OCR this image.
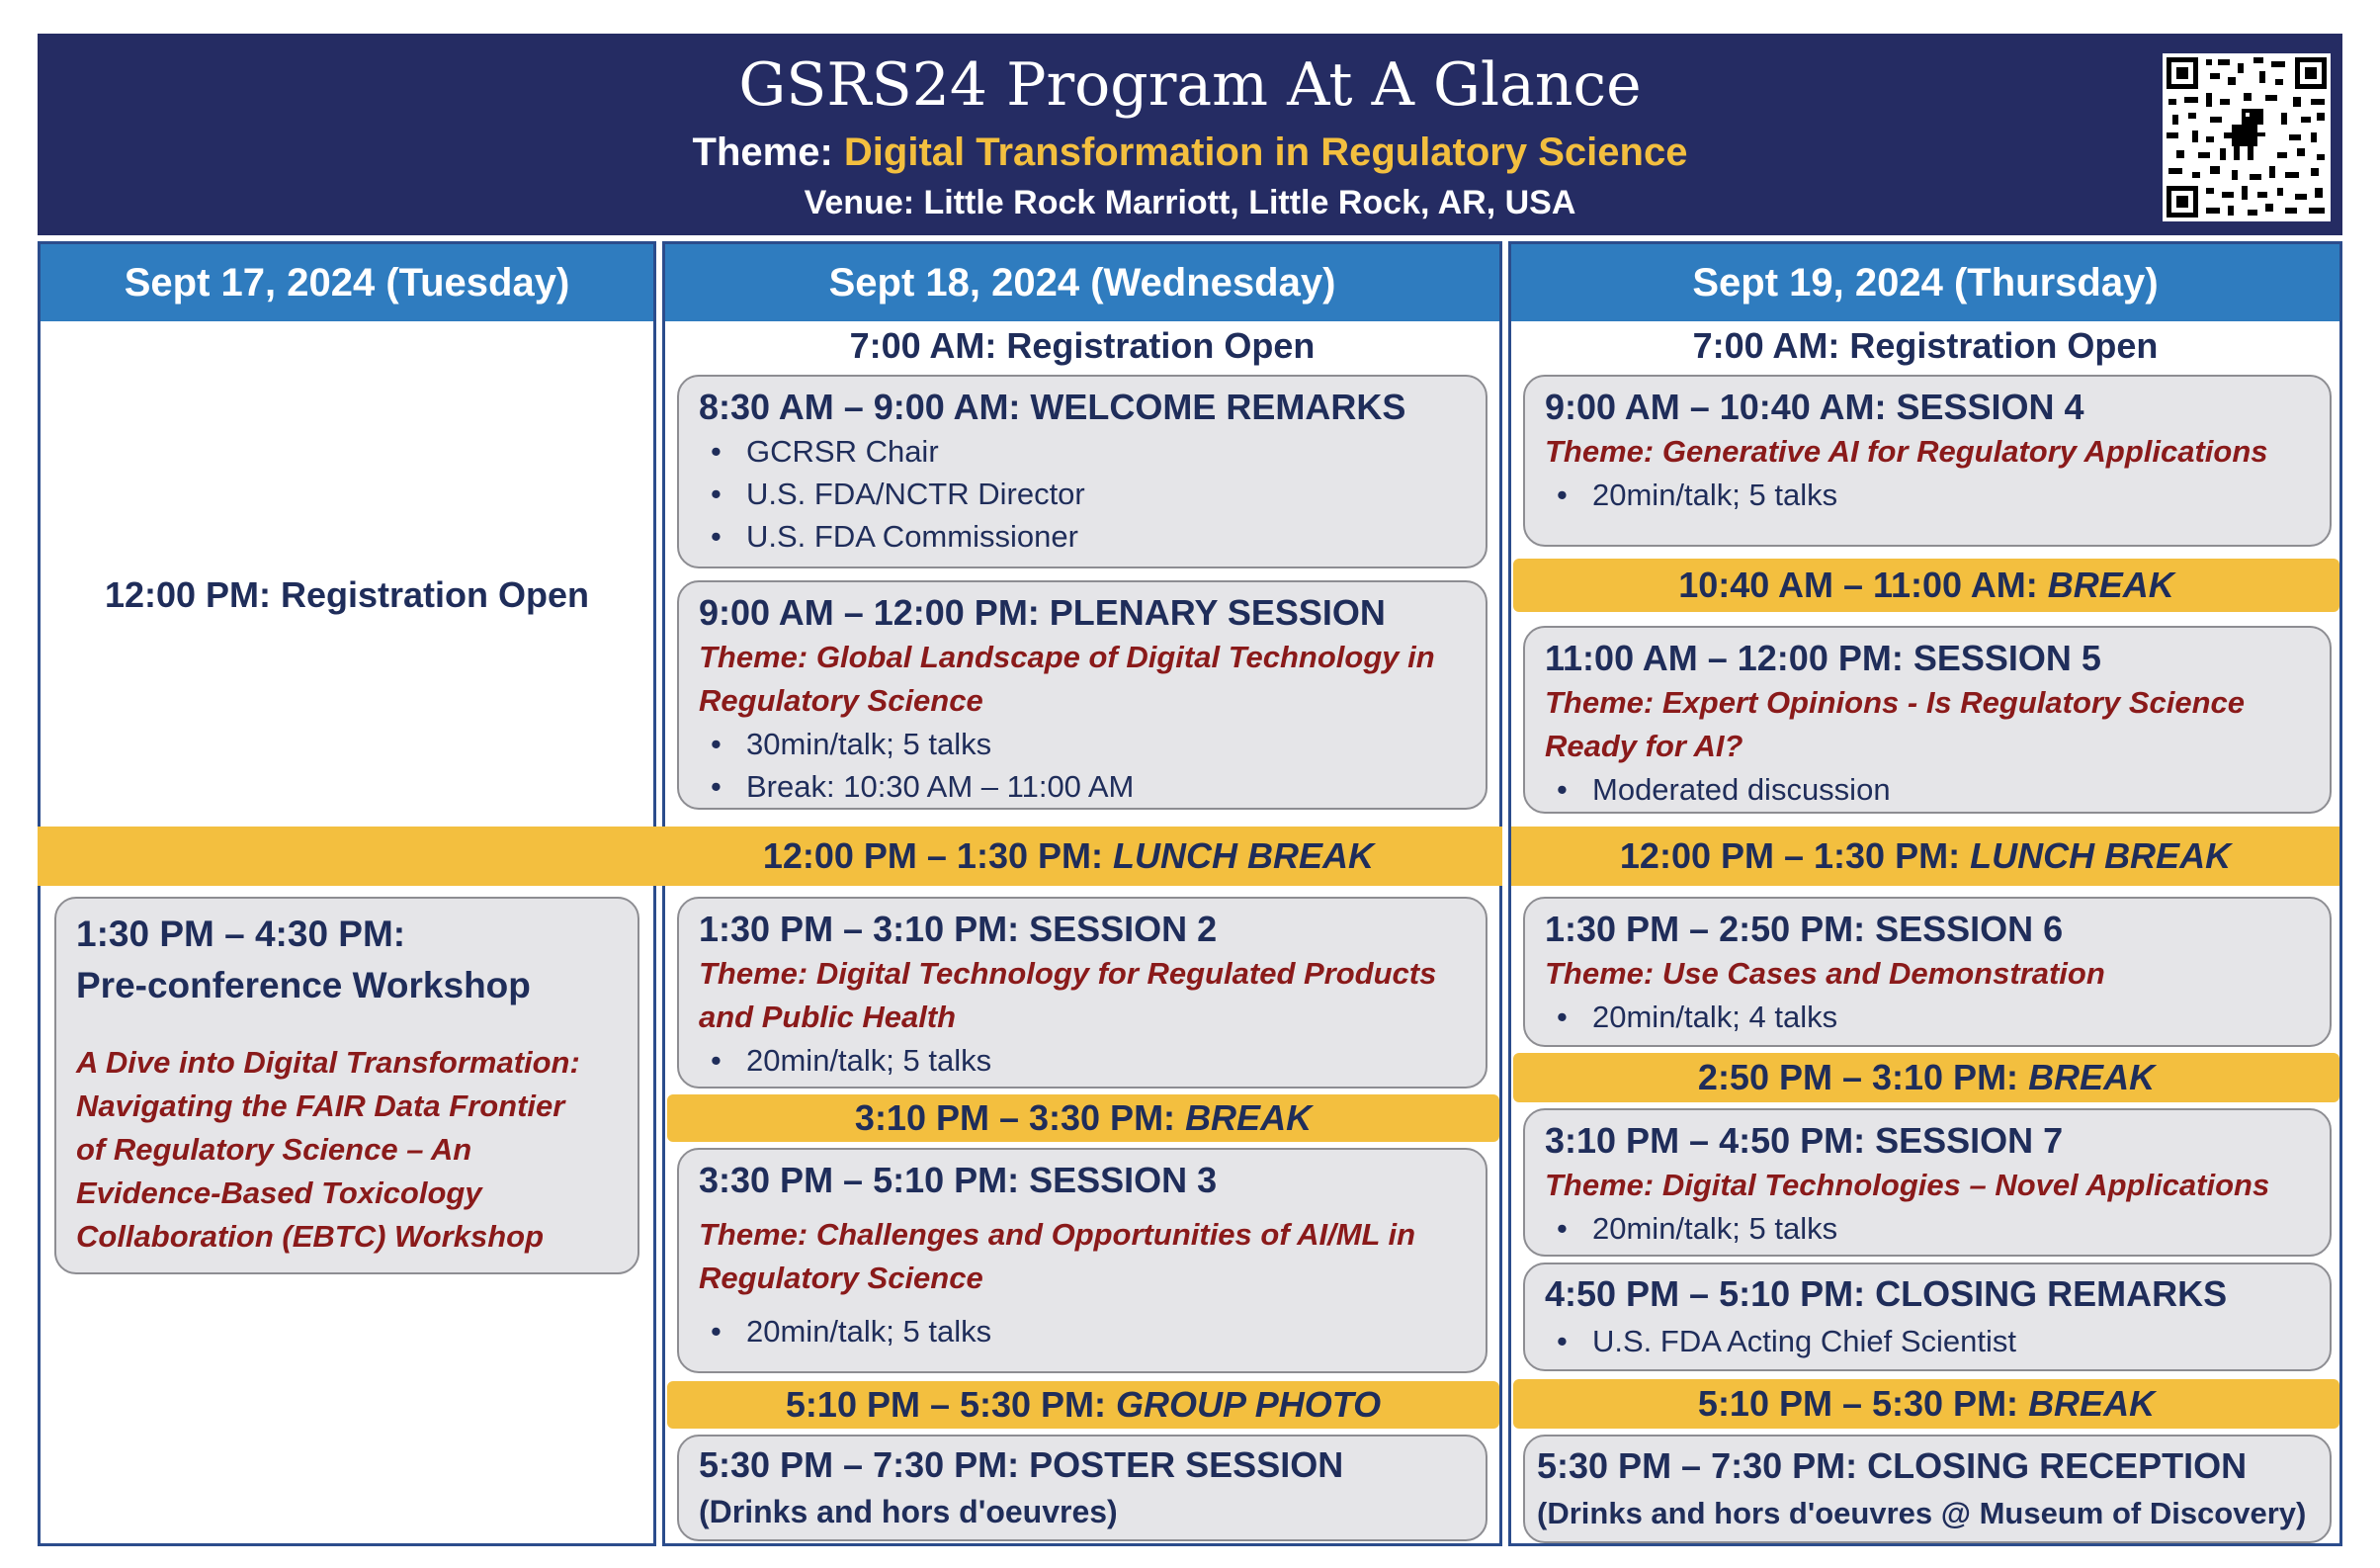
GSRS24 Program At A Glance
Theme: Digital Transformation in Regulatory Science
Venue: Little Rock Marriott, Little Rock, AR, USA
Sept 17, 2024 (Tuesday)
12:00 PM: Registration Open
1:30 PM – 4:30 PM:
Pre-conference Workshop
A Dive into Digital Transformation:
Navigating the FAIR Data Frontier
of Regulatory Science – An
Evidence-Based Toxicology
Collaboration (EBTC) Workshop
Sept 18, 2024 (Wednesday)
7:00 AM: Registration Open
8:30 AM – 9:00 AM: WELCOME REMARKS
• GCRSR Chair
• U.S. FDA/NCTR Director
• U.S. FDA Commissioner
9:00 AM – 12:00 PM: PLENARY SESSION
Theme: Global Landscape of Digital Technology in
Regulatory Science
• 30min/talk; 5 talks
• Break: 10:30 AM – 11:00 AM
1:30 PM – 3:10 PM: SESSION 2
Theme: Digital Technology for Regulated Products
and Public Health
• 20min/talk; 5 talks
3:10 PM – 3:30 PM: BREAK
3:30 PM – 5:10 PM: SESSION 3
Theme: Challenges and Opportunities of AI/ML in
Regulatory Science
• 20min/talk; 5 talks
5:10 PM – 5:30 PM: GROUP PHOTO
5:30 PM – 7:30 PM: POSTER SESSION
(Drinks and hors d'oeuvres)
12:00 PM – 1:30 PM: LUNCH BREAK	12:00 PM – 1:30 PM: LUNCH BREAK
Sept 19, 2024 (Thursday)
7:00 AM: Registration Open
9:00 AM – 10:40 AM: SESSION 4
Theme: Generative AI for Regulatory Applications
• 20min/talk; 5 talks
10:40 AM – 11:00 AM: BREAK
11:00 AM – 12:00 PM: SESSION 5
Theme: Expert Opinions - Is Regulatory Science
Ready for AI?
• Moderated discussion
1:30 PM – 2:50 PM: SESSION 6
Theme: Use Cases and Demonstration
• 20min/talk; 4 talks
2:50 PM – 3:10 PM: BREAK
3:10 PM – 4:50 PM: SESSION 7
Theme: Digital Technologies – Novel Applications
• 20min/talk; 5 talks
4:50 PM – 5:10 PM: CLOSING REMARKS
• U.S. FDA Acting Chief Scientist
5:10 PM – 5:30 PM: BREAK
5:30 PM – 7:30 PM: CLOSING RECEPTION
(Drinks and hors d'oeuvres @ Museum of Discovery)
